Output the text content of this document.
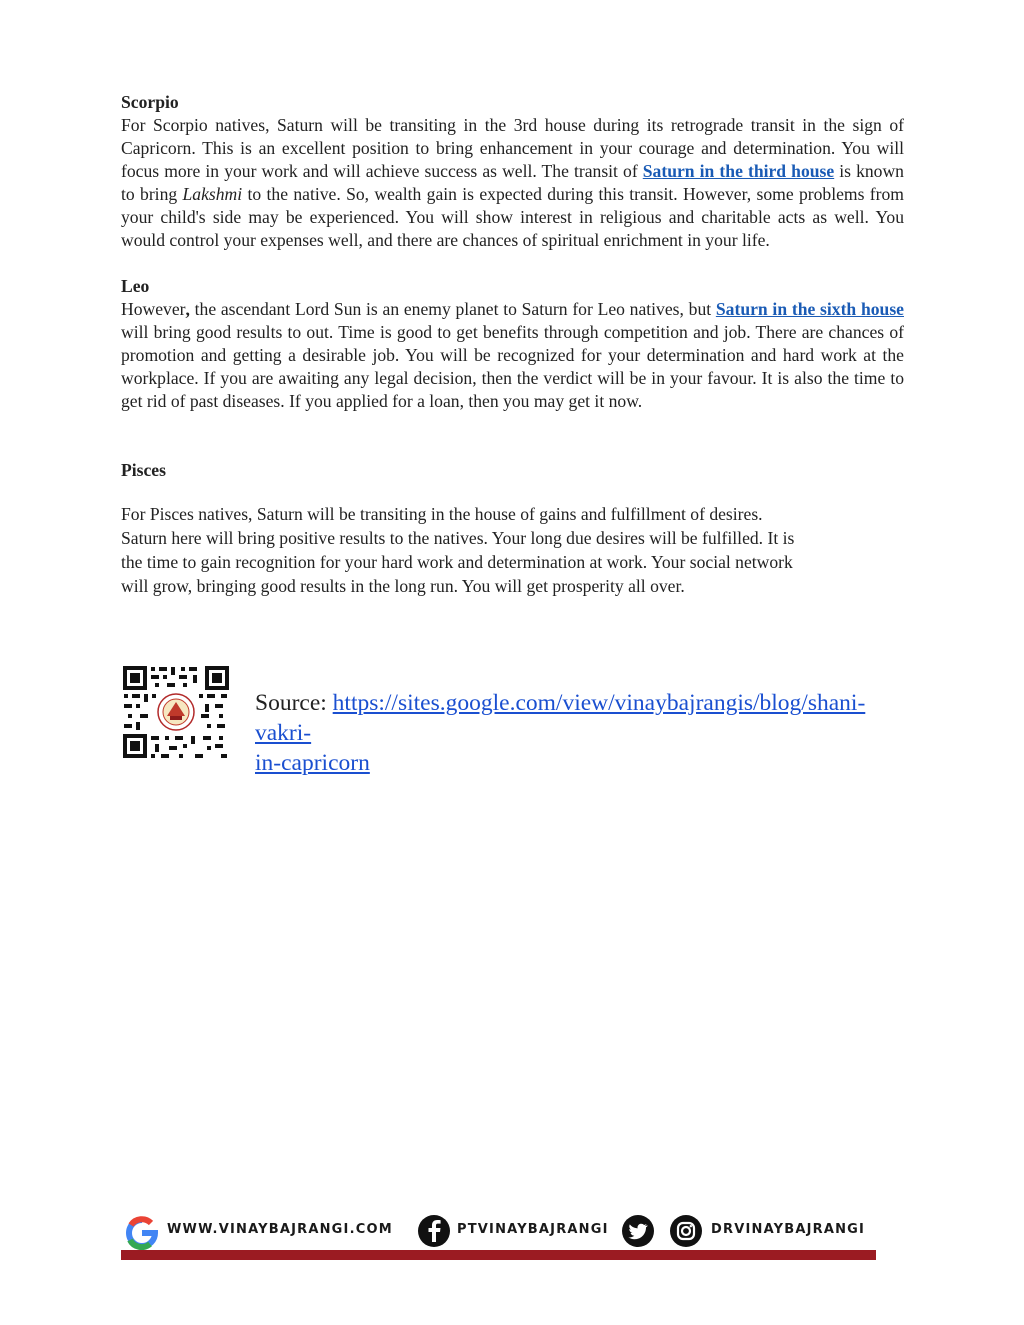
Scorpio

For Scorpio natives, Saturn will be transiting in the 3rd house during its retrograde transit in the sign of Capricorn. This is an excellent position to bring enhancement in your courage and determination. You will focus more in your work and will achieve success as well. The transit of Saturn in the third house is known to bring Lakshmi to the native. So, wealth gain is expected during this transit. However, some problems from your child's side may be experienced. You will show interest in religious and charitable acts as well. You would control your expenses well, and there are chances of spiritual enrichment in your life.

Leo

However, the ascendant Lord Sun is an enemy planet to Saturn for Leo natives, but Saturn in the sixth house will bring good results to out. Time is good to get benefits through competition and job. There are chances of promotion and getting a desirable job. You will be recognized for your determination and hard work at the workplace. If you are awaiting any legal decision, then the verdict will be in your favour. It is also the time to get rid of past diseases. If you applied for a loan, then you may get it now.

Pisces

For Pisces natives, Saturn will be transiting in the house of gains and fulfillment of desires.
Saturn here will bring positive results to the natives. Your long due desires will be fulfilled. It is
the time to gain recognition for your hard work and determination at work. Your social network
will grow, bringing good results in the long run. You will get prosperity all over.

Source: https://sites.google.com/view/vinaybajrangis/blog/shani-vakri-
in-capricorn
WWW.VINAYBAJRANGI.COM	PTVINAYBAJRANGI	DRVINAYBAJRANGI
